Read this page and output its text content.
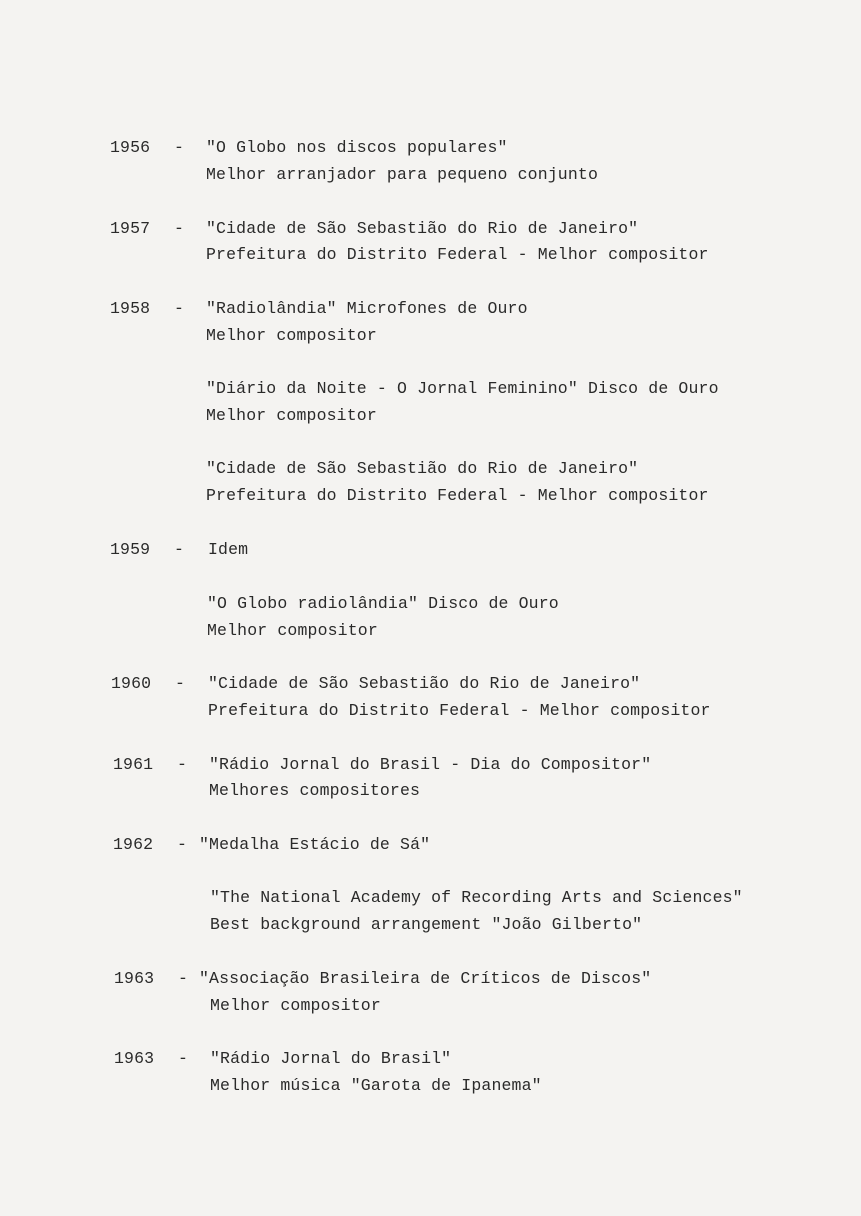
1956 - "O Globo nos discos populares"
Melhor arranjador para pequeno conjunto
1957 - "Cidade de São Sebastião do Rio de Janeiro"
Prefeitura do Distrito Federal - Melhor compositor
1958 - "Radiolândia" Microfones de Ouro
Melhor compositor
"Diário da Noite - O Jornal Feminino" Disco de Ouro
Melhor compositor
"Cidade de São Sebastião do Rio de Janeiro"
Prefeitura do Distrito Federal - Melhor compositor
1959 - Idem
"O Globo radiolândia" Disco de Ouro
Melhor compositor
1960 - "Cidade de São Sebastião do Rio de Janeiro"
Prefeitura do Distrito Federal - Melhor compositor
1961 - "Rádio Jornal do Brasil - Dia do Compositor"
Melhores compositores
1962 - "Medalha Estácio de Sá"
"The National Academy of Recording Arts and Sciences"
Best background arrangement "João Gilberto"
1963 - "Associação Brasileira de Críticos de Discos"
Melhor compositor
1963 - "Rádio Jornal do Brasil"
Melhor música "Garota de Ipanema"
